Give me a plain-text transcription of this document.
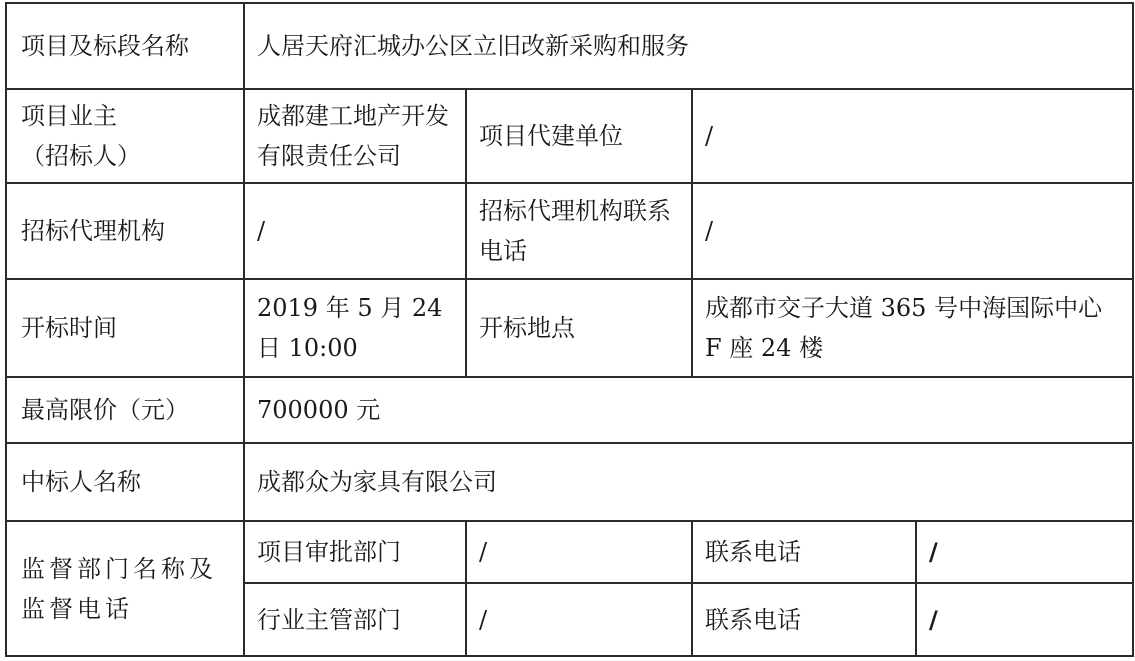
项目及标段名称	人居天府汇城办公区立旧改新采购和服务			

项目业主
（招标人）	成都建工地产开发有限责任公司	项目代建单位	/	

招标代理机构	/	招标代理机构联系电话	/	

开标时间	2019 年 5 月 24 日 10:00	开标地点	成都市交子大道 365 号中海国际中心 F 座 24 楼	

最高限价（元）	700000 元			

中标人名称	成都众为家具有限公司			

监督部门名称及监督电话	项目审批部门	/	联系电话	/

	行业主管部门	/	联系电话	/
